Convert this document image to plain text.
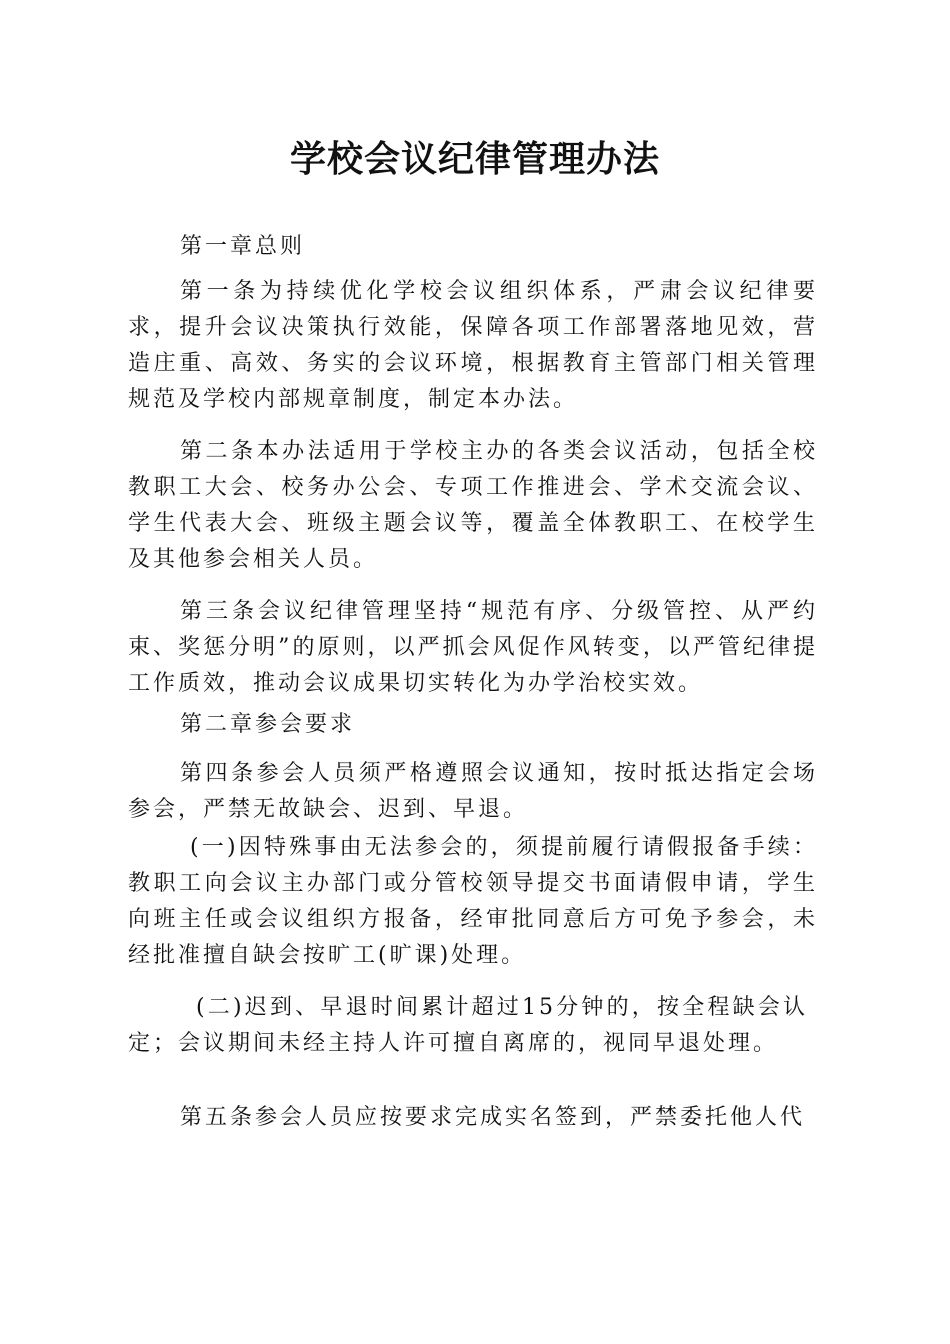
学校会议纪律管理办法

第一章总则

第一条为持续优化学校会议组织体系，严肃会议纪律要求，提升会议决策执行效能，保障各项工作部署落地见效，营造庄重、高效、务实的会议环境，根据教育主管部门相关管理规范及学校内部规章制度，制定本办法。

第二条本办法适用于学校主办的各类会议活动，包括全校教职工大会、校务办公会、专项工作推进会、学术交流会议、学生代表大会、班级主题会议等，覆盖全体教职工、在校学生及其他参会相关人员。

第三条会议纪律管理坚持“规范有序、分级管控、从严约束、奖惩分明”的原则，以严抓会风促作风转变，以严管纪律提工作质效，推动会议成果切实转化为办学治校实效。

第二章参会要求

第四条参会人员须严格遵照会议通知，按时抵达指定会场参会，严禁无故缺会、迟到、早退。

(一)因特殊事由无法参会的，须提前履行请假报备手续：教职工向会议主办部门或分管校领导提交书面请假申请，学生向班主任或会议组织方报备，经审批同意后方可免予参会，未经批准擅自缺会按旷工(旷课)处理。

(二)迟到、早退时间累计超过15分钟的，按全程缺会认 定；会议期间未经主持人许可擅自离席的，视同早退处理。

第五条参会人员应按要求完成实名签到，严禁委托他人代
